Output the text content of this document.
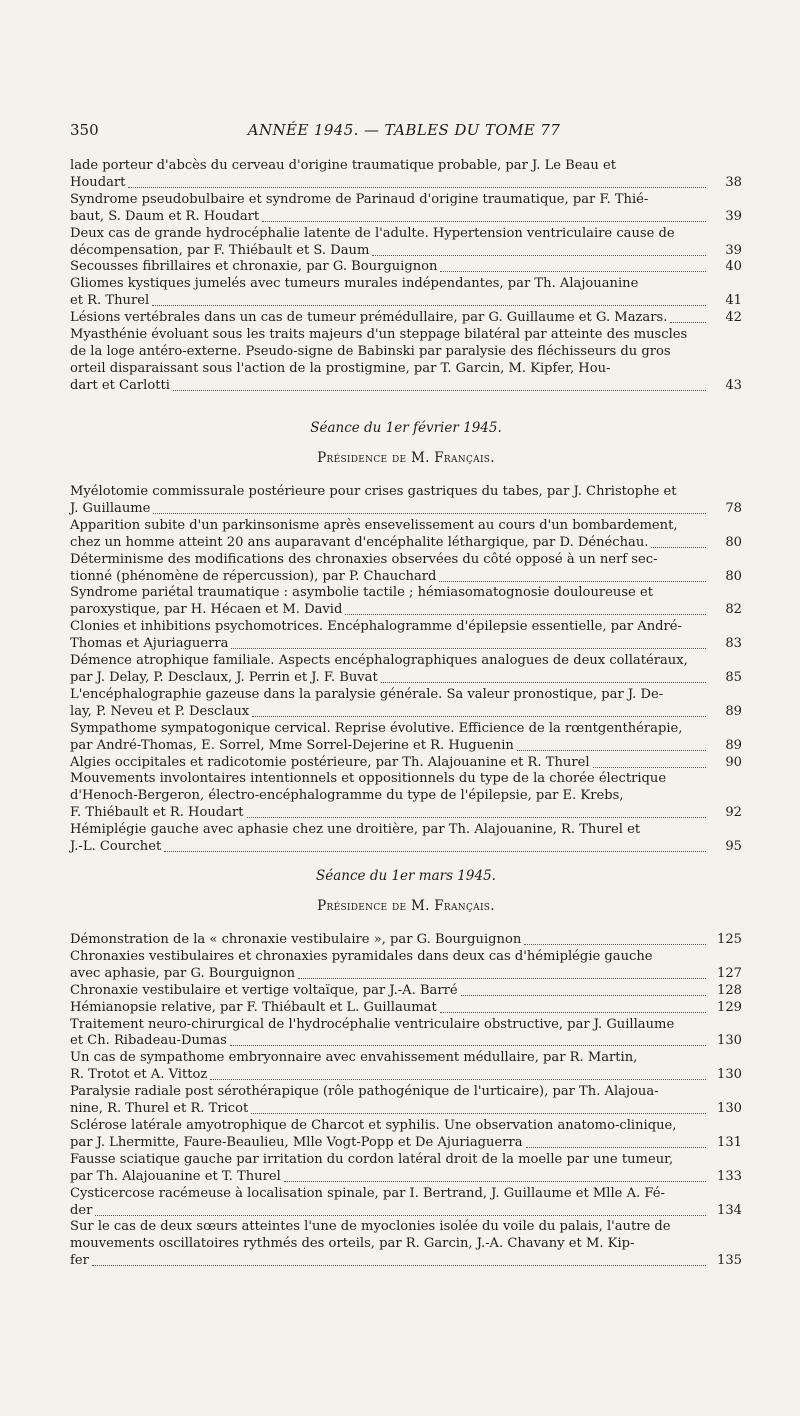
350	ANNÉE 1945. — TABLES DU TOME 77
lade porteur d'abcès du cerveau d'origine traumatique probable, par J. Le Beau et
Houdart	38
Syndrome pseudobulbaire et syndrome de Parinaud d'origine traumatique, par F. Thié-
baut, S. Daum et R. Houdart	39
Deux cas de grande hydrocéphalie latente de l'adulte. Hypertension ventriculaire cause de
décompensation, par F. Thiébault et S. Daum	39
Secousses fibrillaires et chronaxie, par G. Bourguignon	40
Gliomes kystiques jumelés avec tumeurs murales indépendantes, par Th. Alajouanine
et R. Thurel	41
Lésions vertébrales dans un cas de tumeur prémédullaire, par G. Guillaume et G. Mazars.	42
Myasthénie évoluant sous les traits majeurs d'un steppage bilatéral par atteinte des muscles
de la loge antéro-externe. Pseudo-signe de Babinski par paralysie des fléchisseurs du gros
orteil disparaissant sous l'action de la prostigmine, par T. Garcin, M. Kipfer, Hou-
dart et Carlotti	43
Séance du 1er février 1945.
Présidence de M. Français.
Myélotomie commissurale postérieure pour crises gastriques du tabes, par J. Christophe et
J. Guillaume	78
Apparition subite d'un parkinsonisme après ensevelissement au cours d'un bombardement,
chez un homme atteint 20 ans auparavant d'encéphalite léthargique, par D. Dénéchau.	80
Déterminisme des modifications des chronaxies observées du côté opposé à un nerf sec-
tionné (phénomène de répercussion), par P. Chauchard	80
Syndrome pariétal traumatique : asymbolie tactile ; hémiasomatognosie douloureuse et
paroxystique, par H. Hécaen et M. David	82
Clonies et inhibitions psychomotrices. Encéphalogramme d'épilepsie essentielle, par André-
Thomas et Ajuriaguerra	83
Démence atrophique familiale. Aspects encéphalographiques analogues de deux collatéraux,
par J. Delay, P. Desclaux, J. Perrin et J. F. Buvat	85
L'encéphalographie gazeuse dans la paralysie générale. Sa valeur pronostique, par J. De-
lay, P. Neveu et P. Desclaux	89
Sympathome sympatogonique cervical. Reprise évolutive. Efficience de la rœntgenthérapie,
par André-Thomas, E. Sorrel, Mme Sorrel-Dejerine et R. Huguenin	89
Algies occipitales et radicotomie postérieure, par Th. Alajouanine et R. Thurel	90
Mouvements involontaires intentionnels et oppositionnels du type de la chorée électrique
d'Henoch-Bergeron, électro-encéphalogramme du type de l'épilepsie, par E. Krebs,
F. Thiébault et R. Houdart	92
Hémiplégie gauche avec aphasie chez une droitière, par Th. Alajouanine, R. Thurel et
J.-L. Courchet	95
Séance du 1er mars 1945.
Présidence de M. Français.
Démonstration de la « chronaxie vestibulaire », par G. Bourguignon	125
Chronaxies vestibulaires et chronaxies pyramidales dans deux cas d'hémiplégie gauche
avec aphasie, par G. Bourguignon	127
Chronaxie vestibulaire et vertige voltaïque, par J.-A. Barré	128
Hémianopsie relative, par F. Thiébault et L. Guillaumat	129
Traitement neuro-chirurgical de l'hydrocéphalie ventriculaire obstructive, par J. Guillaume
et Ch. Ribadeau-Dumas	130
Un cas de sympathome embryonnaire avec envahissement médullaire, par R. Martin,
R. Trotot et A. Vittoz	130
Paralysie radiale post sérothérapique (rôle pathogénique de l'urticaire), par Th. Alajoua-
nine, R. Thurel et R. Tricot	130
Sclérose latérale amyotrophique de Charcot et syphilis. Une observation anatomo-clinique,
par J. Lhermitte, Faure-Beaulieu, Mlle Vogt-Popp et De Ajuriaguerra	131
Fausse sciatique gauche par irritation du cordon latéral droit de la moelle par une tumeur,
par Th. Alajouanine et T. Thurel	133
Cysticercose racémeuse à localisation spinale, par I. Bertrand, J. Guillaume et Mlle A. Fé-
der	134
Sur le cas de deux sœurs atteintes l'une de myoclonies isolée du voile du palais, l'autre de
mouvements oscillatoires rythmés des orteils, par R. Garcin, J.-A. Chavany et M. Kip-
fer	135
